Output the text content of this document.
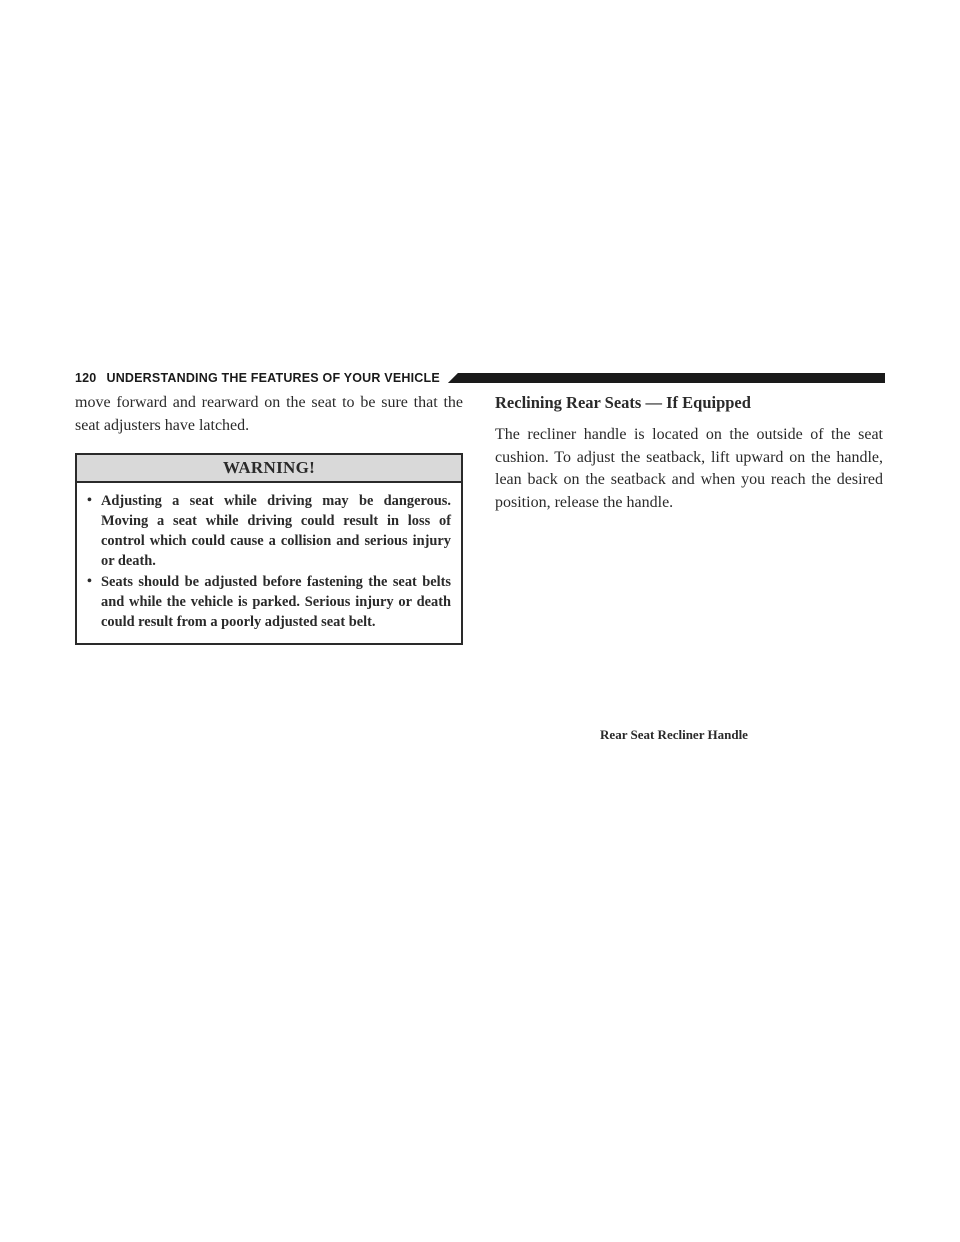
120 UNDERSTANDING THE FEATURES OF YOUR VEHICLE

move forward and rearward on the seat to be sure that the seat adjusters have latched.

WARNING!
• Adjusting a seat while driving may be dangerous. Moving a seat while driving could result in loss of control which could cause a collision and serious injury or death.
• Seats should be adjusted before fastening the seat belts and while the vehicle is parked. Serious injury or death could result from a poorly adjusted seat belt.
Reclining Rear Seats — If Equipped

The recliner handle is located on the outside of the seat cushion. To adjust the seatback, lift upward on the handle, lean back on the seatback and when you reach the desired position, release the handle.

Rear Seat Recliner Handle
